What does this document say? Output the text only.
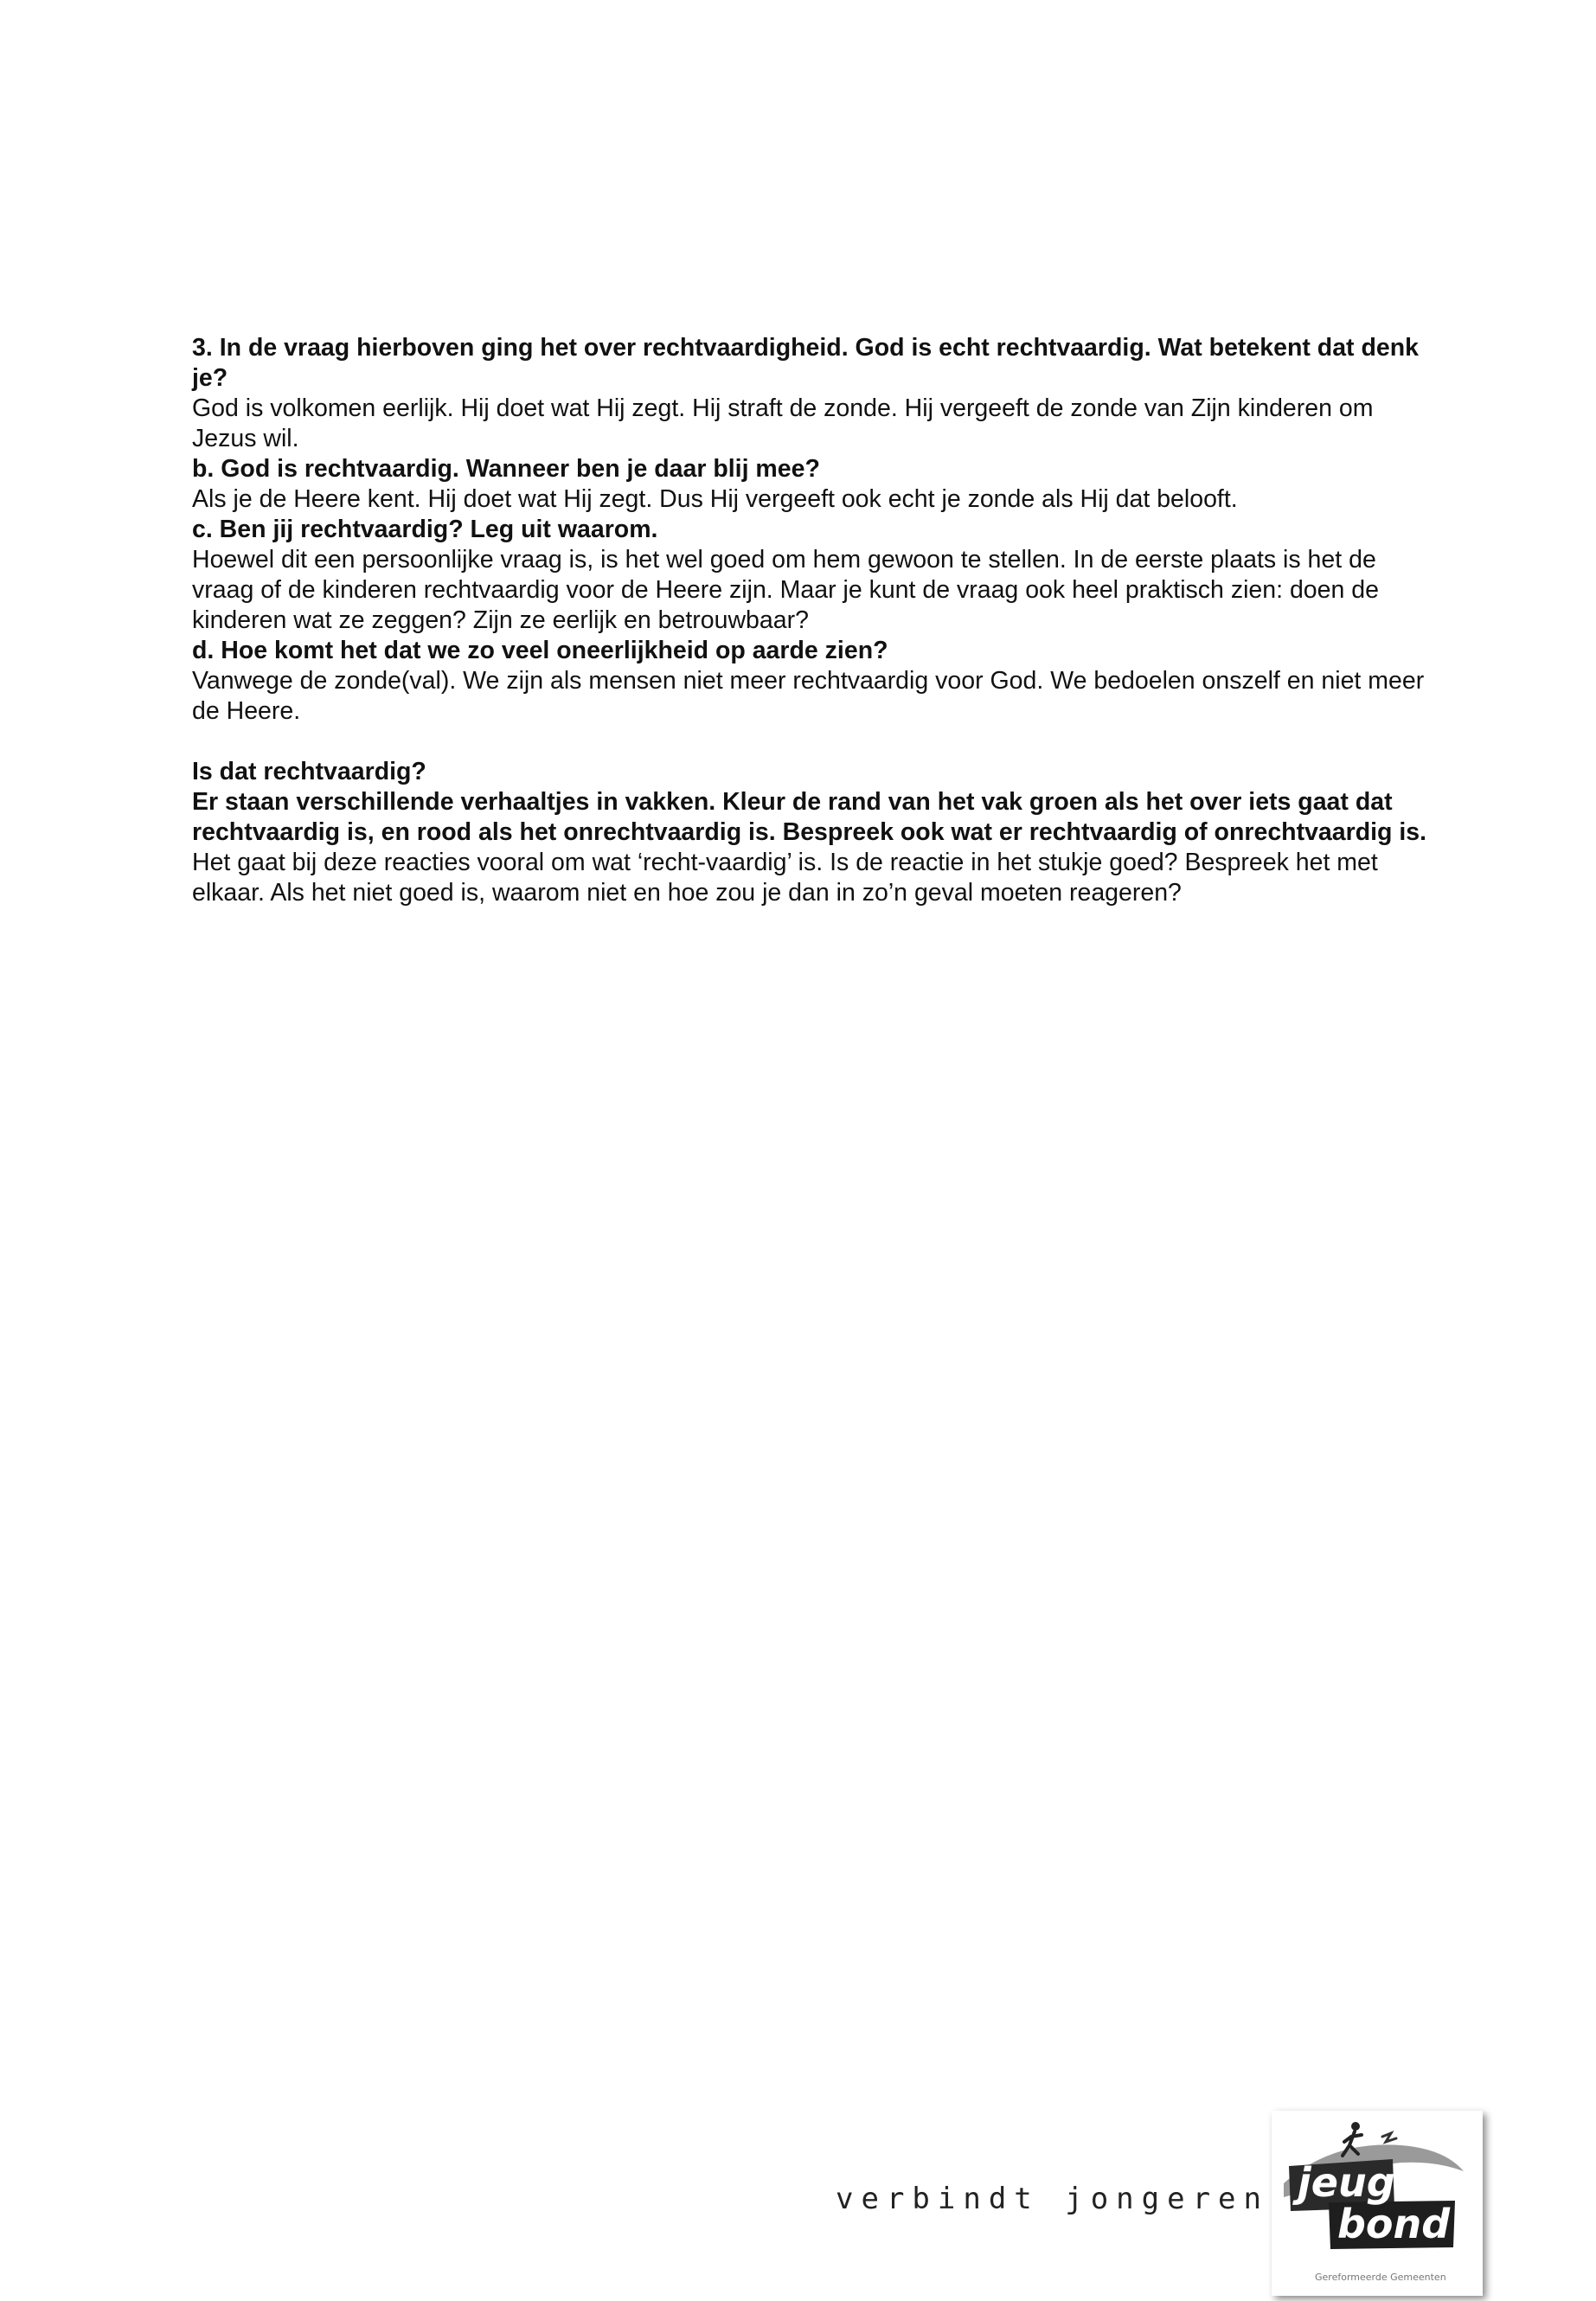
3. In de vraag hierboven ging het over rechtvaardigheid. God is echt rechtvaardig. Wat betekent dat denk je?

God is volkomen eerlijk. Hij doet wat Hij zegt. Hij straft de zonde. Hij vergeeft de zonde van Zijn kinderen om Jezus wil.

b. God is rechtvaardig. Wanneer ben je daar blij mee?

Als je de Heere kent. Hij doet wat Hij zegt. Dus Hij vergeeft ook echt je zonde als Hij dat belooft.

c. Ben jij rechtvaardig? Leg uit waarom.

Hoewel dit een persoonlijke vraag is, is het wel goed om hem gewoon te stellen. In de eerste plaats is het de vraag of de kinderen rechtvaardig voor de Heere zijn. Maar je kunt de vraag ook heel praktisch zien: doen de kinderen wat ze zeggen? Zijn ze eerlijk en betrouwbaar?

d. Hoe komt het dat we zo veel oneerlijkheid op aarde zien?

Vanwege de zonde(val). We zijn als mensen niet meer rechtvaardig voor God. We bedoelen onszelf en niet meer de Heere.

Is dat rechtvaardig?

Er staan verschillende verhaaltjes in vakken. Kleur de rand van het vak groen als het over iets gaat dat rechtvaardig is, en rood als het onrechtvaardig is. Bespreek ook wat er rechtvaardig of onrechtvaardig is.

Het gaat bij deze reacties vooral om wat ‘recht-vaardig’ is. Is de reactie in het stukje goed? Bespreek het met elkaar. Als het niet goed is, waarom niet en hoe zou je dan in zo’n geval moeten reageren?

verbindt jongeren jeugd
bond
Gereformeerde Gemeenten
